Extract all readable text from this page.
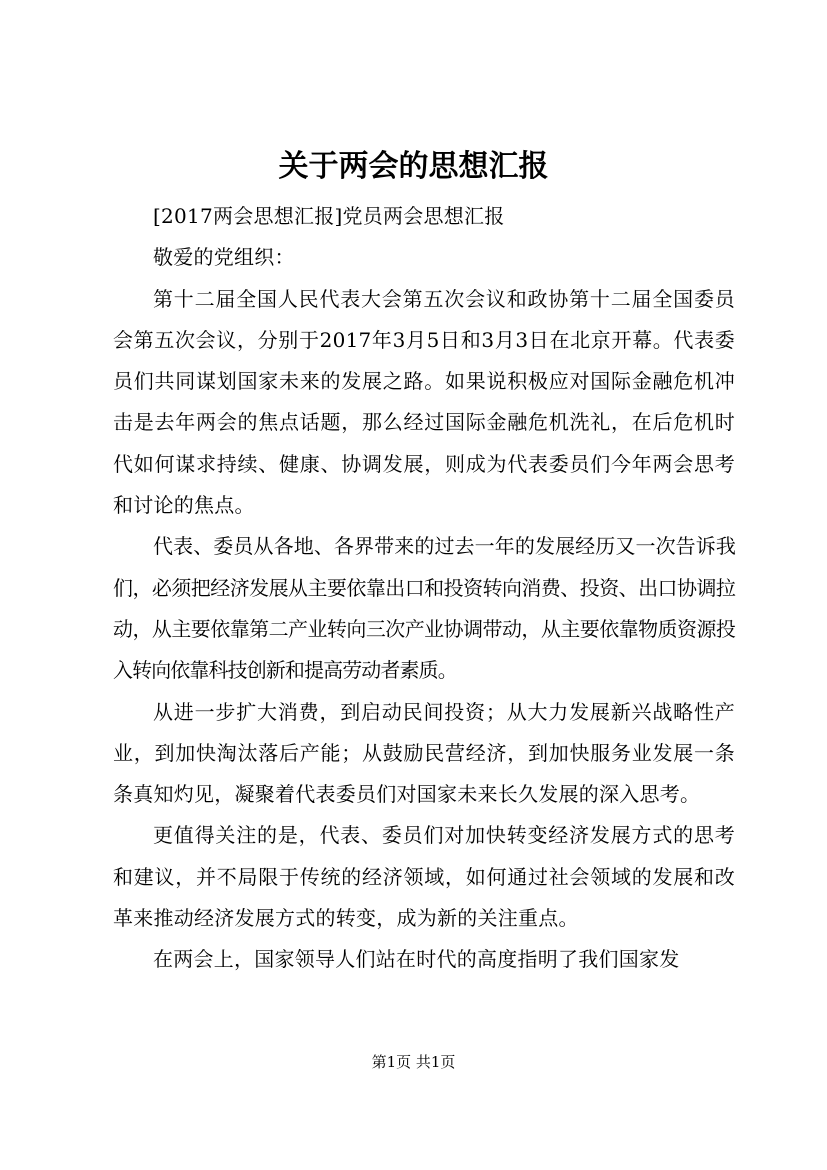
关于两会的思想汇报

[2017两会思想汇报]党员两会思想汇报

敬爱的党组织：

第十二届全国人民代表大会第五次会议和政协第十二届全国委员会第五次会议，分别于2017年3月5日和3月3日在北京开幕。代表委员们共同谋划国家未来的发展之路。如果说积极应对国际金融危机冲击是去年两会的焦点话题，那么经过国际金融危机洗礼，在后危机时代如何谋求持续、健康、协调发展，则成为代表委员们今年两会思考和讨论的焦点。

代表、委员从各地、各界带来的过去一年的发展经历又一次告诉我们，必须把经济发展从主要依靠出口和投资转向消费、投资、出口协调拉动，从主要依靠第二产业转向三次产业协调带动，从主要依靠物质资源投入转向依靠科技创新和提高劳动者素质。

从进一步扩大消费，到启动民间投资；从大力发展新兴战略性产业，到加快淘汰落后产能；从鼓励民营经济，到加快服务业发展一条条真知灼见，凝聚着代表委员们对国家未来长久发展的深入思考。

更值得关注的是，代表、委员们对加快转变经济发展方式的思考和建议，并不局限于传统的经济领域，如何通过社会领域的发展和改革来推动经济发展方式的转变，成为新的关注重点。

在两会上，国家领导人们站在时代的高度指明了我们国家发

第1页 共1页
